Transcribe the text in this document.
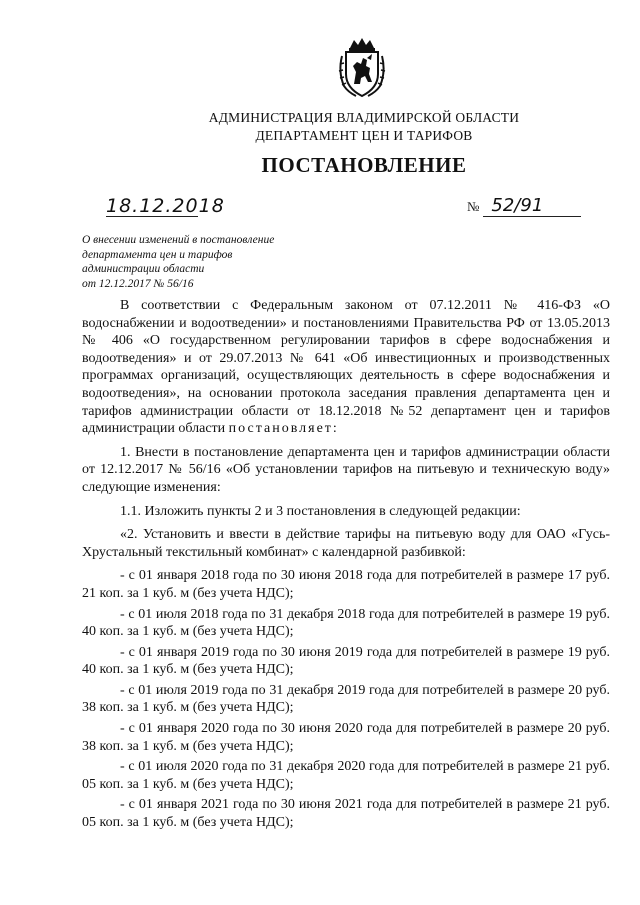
АДМИНИСТРАЦИЯ ВЛАДИМИРСКОЙ ОБЛАСТИ
ДЕПАРТАМЕНТ ЦЕН И ТАРИФОВ
ПОСТАНОВЛЕНИЕ
18.12.2018	№ 52/91
О внесении изменений в постановление
департамента цен и тарифов
администрации области
от 12.12.2017 № 56/16

В соответствии с Федеральным законом от 07.12.2011 № 416-ФЗ «О водоснабжении и водоотведении» и постановлениями Правительства РФ от 13.05.2013 № 406 «О государственном регулировании тарифов в сфере водоснабжения и водоотведения» и от 29.07.2013 № 641 «Об инвестиционных и производственных программах организаций, осуществляющих деятельность в сфере водоснабжения и водоотведения», на основании протокола заседания правления департамента цен и тарифов администрации области от 18.12.2018 №52 департамент цен и тарифов администрации области постановляет:

1. Внести в постановление департамента цен и тарифов администрации области от 12.12.2017 № 56/16 «Об установлении тарифов на питьевую и техническую воду» следующие изменения:

1.1. Изложить пункты 2 и 3 постановления в следующей редакции:

«2. Установить и ввести в действие тарифы на питьевую воду для ОАО «Гусь-Хрустальный текстильный комбинат» с календарной разбивкой:

- с 01 января 2018 года по 30 июня 2018 года для потребителей в размере 17 руб. 21 коп. за 1 куб. м (без учета НДС);

- с 01 июля 2018 года по 31 декабря 2018 года для потребителей в размере 19 руб. 40 коп. за 1 куб. м (без учета НДС);

- с 01 января 2019 года по 30 июня 2019 года для потребителей в размере 19 руб. 40 коп. за 1 куб. м (без учета НДС);

- с 01 июля 2019 года по 31 декабря 2019 года для потребителей в размере 20 руб. 38 коп. за 1 куб. м (без учета НДС);

- с 01 января 2020 года по 30 июня 2020 года для потребителей в размере 20 руб. 38 коп. за 1 куб. м (без учета НДС);

- с 01 июля 2020 года по 31 декабря 2020 года для потребителей в размере 21 руб. 05 коп. за 1 куб. м (без учета НДС);

- с 01 января 2021 года по 30 июня 2021 года для потребителей в размере 21 руб. 05 коп. за 1 куб. м (без учета НДС);
